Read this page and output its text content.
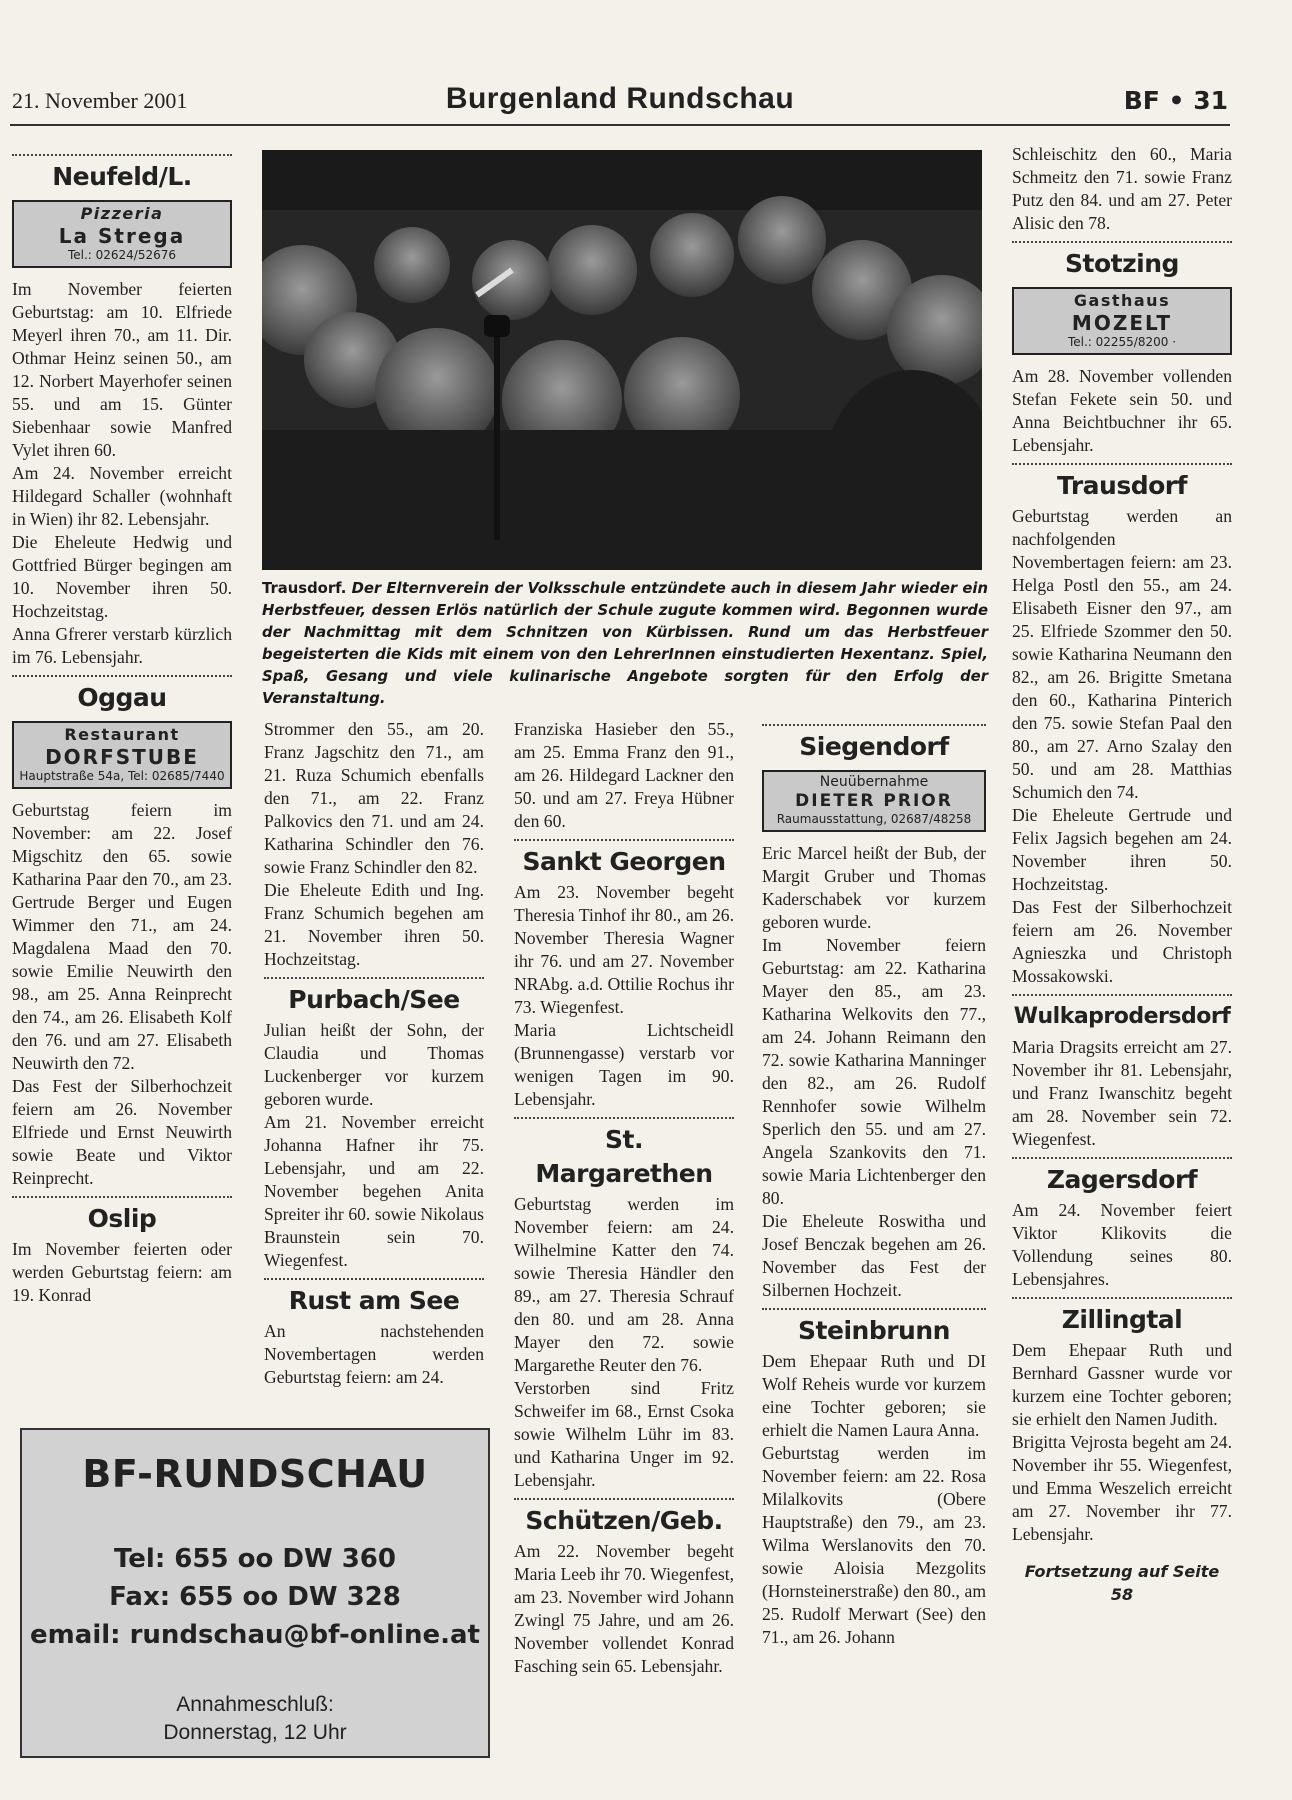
21. November 2001	Burgenland Rundschau	BF • 31
Neufeld/L.
Pizzeria
La Strega
Tel.: 02624/52676

Im November feierten Geburtstag: am 10. Elfriede Meyerl ihren 70., am 11. Dir. Othmar Heinz seinen 50., am 12. Norbert Mayerhofer seinen 55. und am 15. Günter Siebenhaar sowie Manfred Vylet ihren 60.

Am 24. November erreicht Hildegard Schaller (wohnhaft in Wien) ihr 82. Lebensjahr.

Die Eheleute Hedwig und Gottfried Bürger begingen am 10. November ihren 50. Hochzeitstag.

Anna Gfrerer verstarb kürzlich im 76. Lebensjahr.

Oggau
Restaurant
DORFSTUBE
Hauptstraße 54a, Tel: 02685/7440

Geburtstag feiern im November: am 22. Josef Migschitz den 65. sowie Katharina Paar den 70., am 23. Gertrude Berger und Eugen Wimmer den 71., am 24. Magdalena Maad den 70. sowie Emilie Neuwirth den 98., am 25. Anna Reinprecht den 74., am 26. Elisabeth Kolf den 76. und am 27. Elisabeth Neuwirth den 72.

Das Fest der Silberhochzeit feiern am 26. November Elfriede und Ernst Neuwirth sowie Beate und Viktor Reinprecht.

Oslip

Im November feierten oder werden Geburtstag feiern: am 19. Konrad

Trausdorf. Der Elternverein der Volksschule entzündete auch in diesem Jahr wieder ein Herbstfeuer, dessen Erlös natürlich der Schule zugute kommen wird. Begonnen wurde der Nachmittag mit dem Schnitzen von Kürbissen. Rund um das Herbstfeuer begeisterten die Kids mit einem von den LehrerInnen einstudierten Hexentanz. Spiel, Spaß, Gesang und viele kulinarische Angebote sorgten für den Erfolg der Veranstaltung.

Strommer den 55., am 20. Franz Jagschitz den 71., am 21. Ruza Schumich ebenfalls den 71., am 22. Franz Palkovics den 71. und am 24. Katharina Schindler den 76. sowie Franz Schindler den 82.

Die Eheleute Edith und Ing. Franz Schumich begehen am 21. November ihren 50. Hochzeitstag.

Purbach/See

Julian heißt der Sohn, der Claudia und Thomas Luckenberger vor kurzem geboren wurde.

Am 21. November erreicht Johanna Hafner ihr 75. Lebensjahr, und am 22. November begehen Anita Spreiter ihr 60. sowie Nikolaus Braunstein sein 70. Wiegenfest.

Rust am See

An nachstehenden Novembertagen werden Geburtstag feiern: am 24.

BF-RUNDSCHAU
Tel: 655 oo DW 360
Fax: 655 oo DW 328
email: rundschau@bf-online.at
Annahmeschluß:
Donnerstag, 12 Uhr

Franziska Hasieber den 55., am 25. Emma Franz den 91., am 26. Hildegard Lackner den 50. und am 27. Freya Hübner den 60.

Sankt Georgen

Am 23. November begeht Theresia Tinhof ihr 80., am 26. November Theresia Wagner ihr 76. und am 27. November NRAbg. a.d. Ottilie Rochus ihr 73. Wiegenfest.

Maria Lichtscheidl (Brunnengasse) verstarb vor wenigen Tagen im 90. Lebensjahr.

St. Margarethen

Geburtstag werden im November feiern: am 24. Wilhelmine Katter den 74. sowie Theresia Händler den 89., am 27. Theresia Schrauf den 80. und am 28. Anna Mayer den 72. sowie Margarethe Reuter den 76.

Verstorben sind Fritz Schweifer im 68., Ernst Csoka sowie Wilhelm Lühr im 83. und Katharina Unger im 92. Lebensjahr.

Schützen/Geb.

Am 22. November begeht Maria Leeb ihr 70. Wiegenfest, am 23. November wird Johann Zwingl 75 Jahre, und am 26. November vollendet Konrad Fasching sein 65. Lebensjahr.

Siegendorf
Neuübernahme
DIETER PRIOR
Raumausstattung, 02687/48258

Eric Marcel heißt der Bub, der Margit Gruber und Thomas Kaderschabek vor kurzem geboren wurde.

Im November feiern Geburtstag: am 22. Katharina Mayer den 85., am 23. Katharina Welkovits den 77., am 24. Johann Reimann den 72. sowie Katharina Manninger den 82., am 26. Rudolf Rennhofer sowie Wilhelm Sperlich den 55. und am 27. Angela Szankovits den 71. sowie Maria Lichtenberger den 80.

Die Eheleute Roswitha und Josef Benczak begehen am 26. November das Fest der Silbernen Hochzeit.

Steinbrunn

Dem Ehepaar Ruth und DI Wolf Reheis wurde vor kurzem eine Tochter geboren; sie erhielt die Namen Laura Anna.

Geburtstag werden im November feiern: am 22. Rosa Milalkovits (Obere Hauptstraße) den 79., am 23. Wilma Werslanovits den 70. sowie Aloisia Mezgolits (Hornsteinerstraße) den 80., am 25. Rudolf Merwart (See) den 71., am 26. Johann

Schleischitz den 60., Maria Schmeitz den 71. sowie Franz Putz den 84. und am 27. Peter Alisic den 78.

Stotzing
Gasthaus
MOZELT
Tel.: 02255/8200 ·

Am 28. November vollenden Stefan Fekete sein 50. und Anna Beichtbuchner ihr 65. Lebensjahr.

Trausdorf

Geburtstag werden an nachfolgenden Novembertagen feiern: am 23. Helga Postl den 55., am 24. Elisabeth Eisner den 97., am 25. Elfriede Szommer den 50. sowie Katharina Neumann den 82., am 26. Brigitte Smetana den 60., Katharina Pinterich den 75. sowie Stefan Paal den 80., am 27. Arno Szalay den 50. und am 28. Matthias Schumich den 74.

Die Eheleute Gertrude und Felix Jagsich begehen am 24. November ihren 50. Hochzeitstag.

Das Fest der Silberhochzeit feiern am 26. November Agnieszka und Christoph Mossakowski.

Wulkaprodersdorf

Maria Dragsits erreicht am 27. November ihr 81. Lebensjahr, und Franz Iwanschitz begeht am 28. November sein 72. Wiegenfest.

Zagersdorf

Am 24. November feiert Viktor Klikovits die Vollendung seines 80. Lebensjahres.

Zillingtal

Dem Ehepaar Ruth und Bernhard Gassner wurde vor kurzem eine Tochter geboren; sie erhielt den Namen Judith.

Brigitta Vejrosta begeht am 24. November ihr 55. Wiegenfest, und Emma Weszelich erreicht am 27. November ihr 77. Lebensjahr.

Fortsetzung auf Seite 58
